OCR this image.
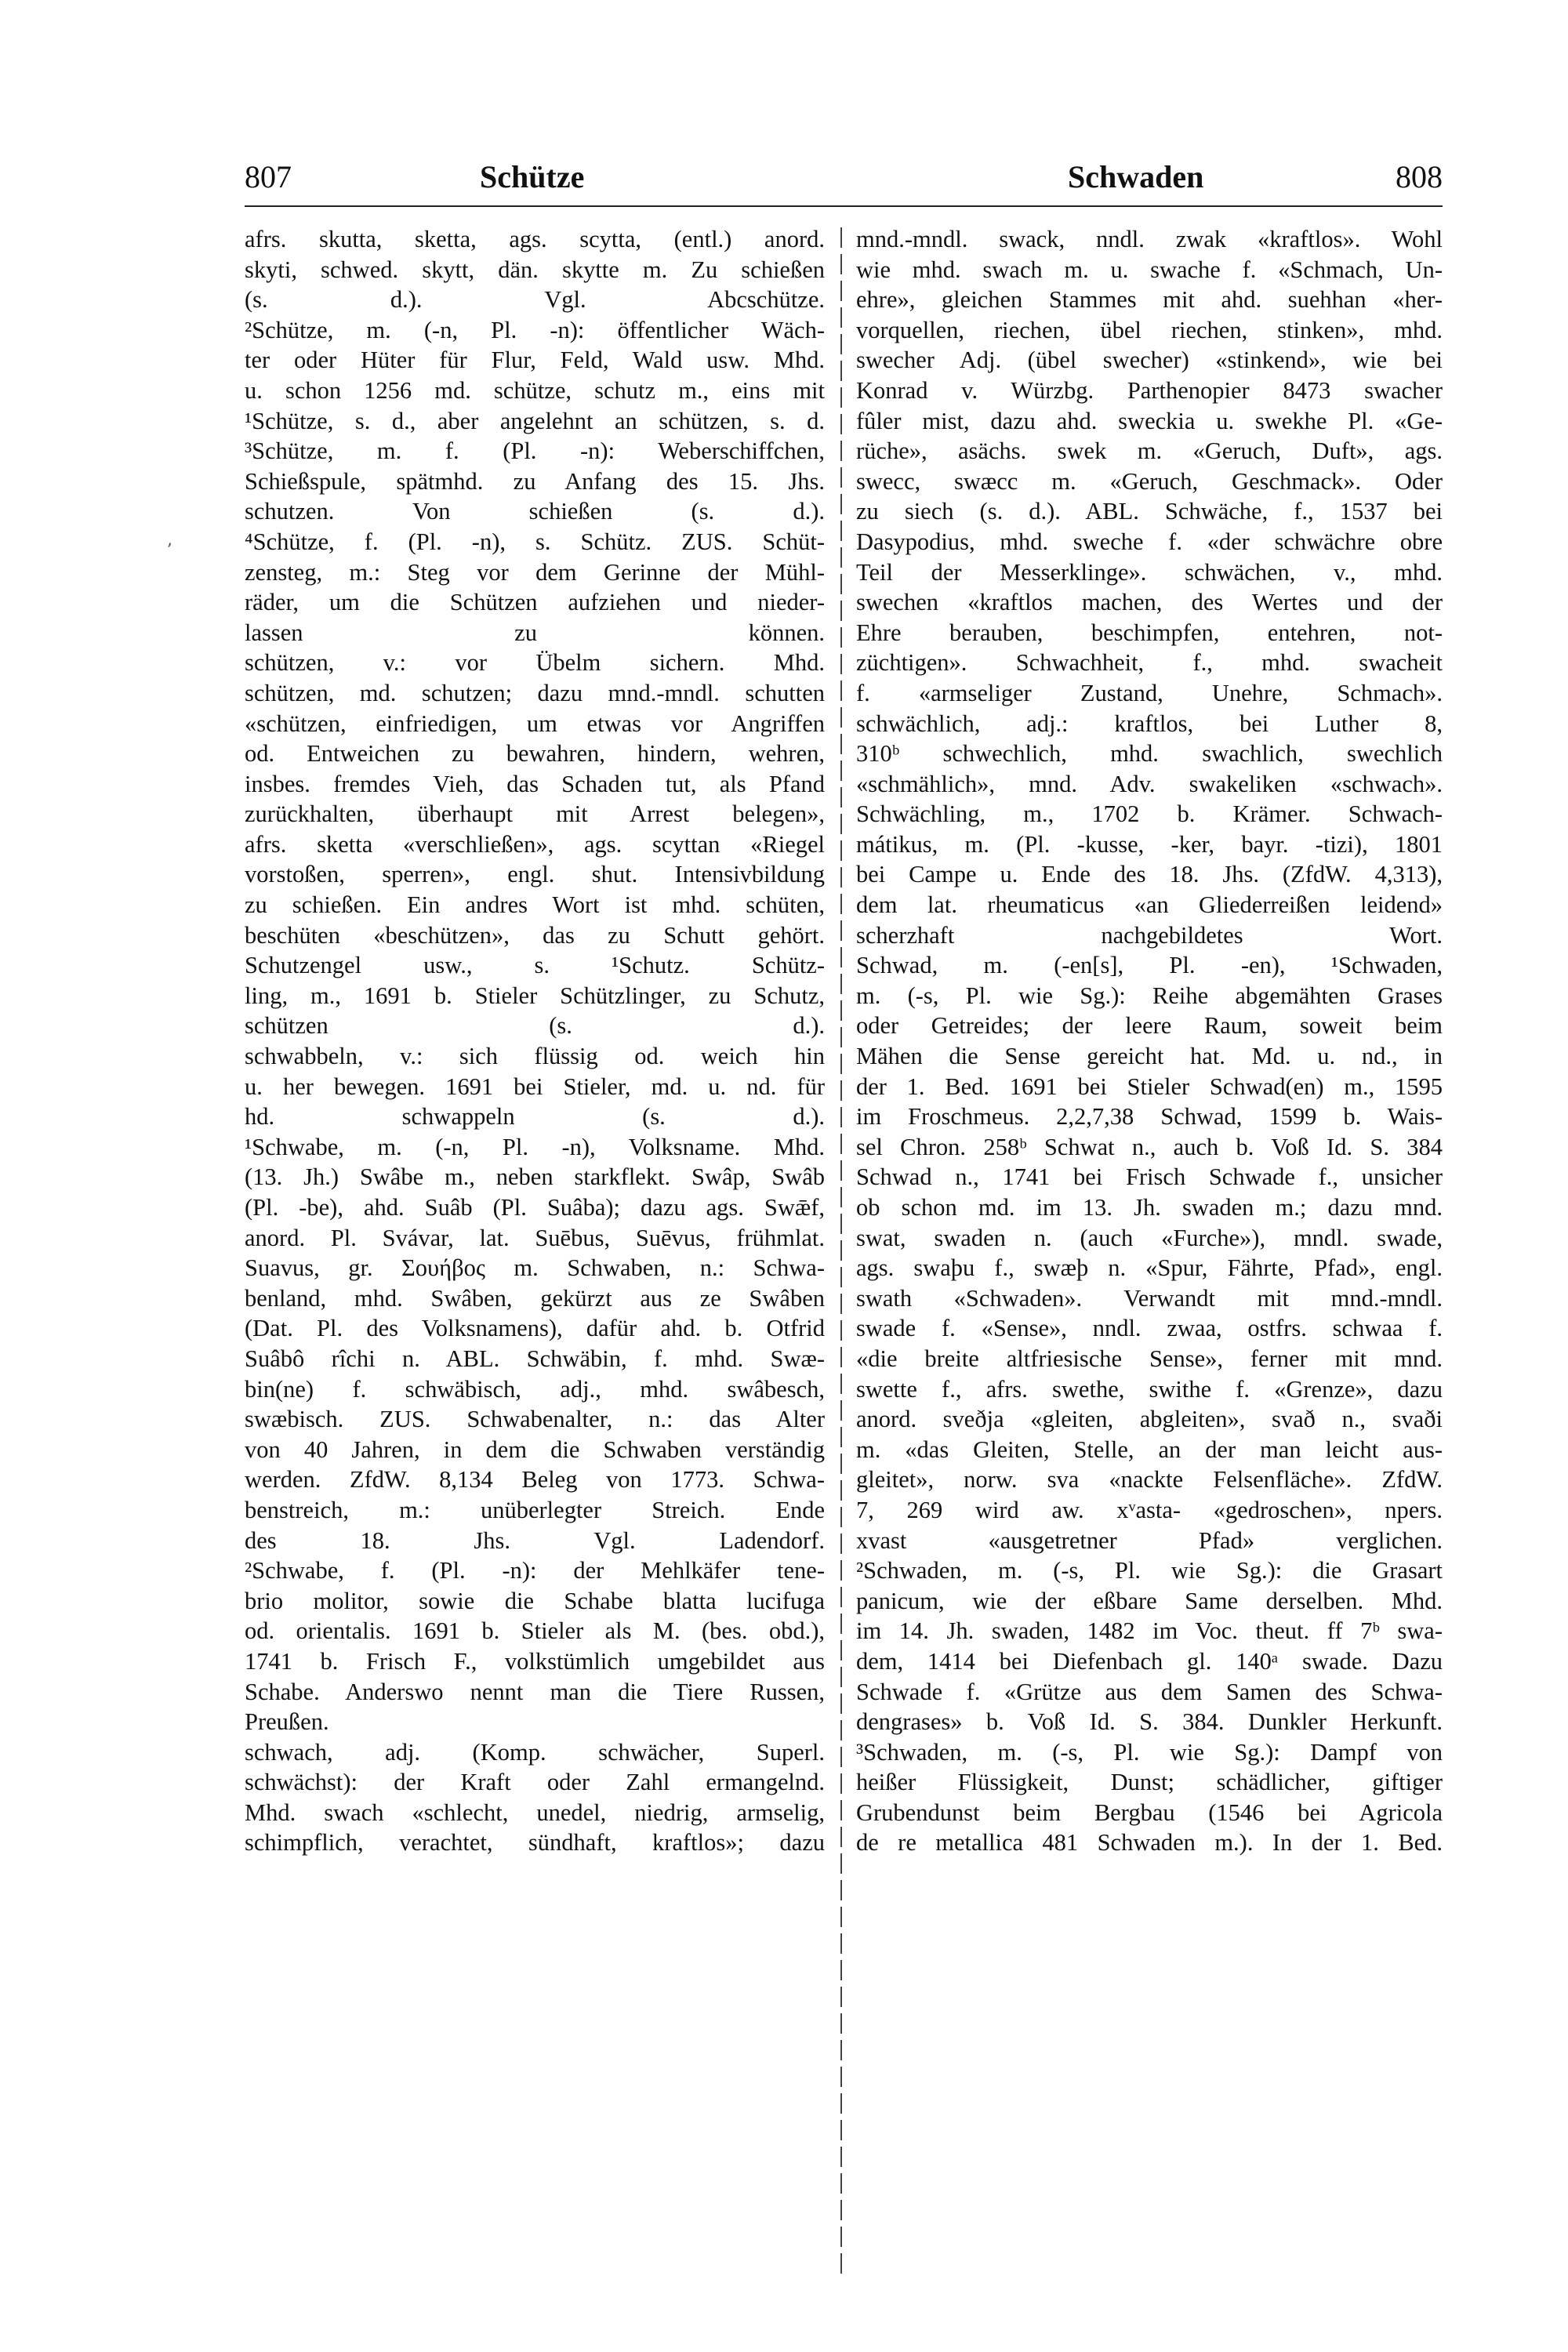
807	Schütze	Schwaden	808
ʼ
afrs. skutta, sketta, ags. scytta, (entl.) anord.
skyti, schwed. skytt, dän. skytte m. Zu schießen
(s. d.). Vgl. Abcschütze.
²Schütze, m. (-n, Pl. -n): öffentlicher Wäch-
ter oder Hüter für Flur, Feld, Wald usw. Mhd.
u. schon 1256 md. schütze, schutz m., eins mit
¹Schütze, s. d., aber angelehnt an schützen, s. d.
³Schütze, m. f. (Pl. -n): Weberschiffchen,
Schießspule, spätmhd. zu Anfang des 15. Jhs.
schutzen. Von schießen (s. d.).
⁴Schütze, f. (Pl. -n), s. Schütz. ZUS. Schüt-
zensteg, m.: Steg vor dem Gerinne der Mühl-
räder, um die Schützen aufziehen und nieder-
lassen zu können.
schützen, v.: vor Übelm sichern. Mhd.
schützen, md. schutzen; dazu mnd.-mndl. schutten
«schützen, einfriedigen, um etwas vor Angriffen
od. Entweichen zu bewahren, hindern, wehren,
insbes. fremdes Vieh, das Schaden tut, als Pfand
zurückhalten, überhaupt mit Arrest belegen»,
afrs. sketta «verschließen», ags. scyttan «Riegel
vorstoßen, sperren», engl. shut. Intensivbildung
zu schießen. Ein andres Wort ist mhd. schüten,
beschüten «beschützen», das zu Schutt gehört.
Schutzengel usw., s. ¹Schutz. Schütz-
ling, m., 1691 b. Stieler Schützlinger, zu Schutz,
schützen (s. d.).
schwabbeln, v.: sich flüssig od. weich hin
u. her bewegen. 1691 bei Stieler, md. u. nd. für
hd. schwappeln (s. d.).
¹Schwabe, m. (-n, Pl. -n), Volksname. Mhd.
(13. Jh.) Swâbe m., neben starkflekt. Swâp, Swâb
(Pl. -be), ahd. Suâb (Pl. Suâba); dazu ags. Swǣf,
anord. Pl. Svávar, lat. Suēbus, Suēvus, frühmlat.
Suavus, gr. Σουήβος m. Schwaben, n.: Schwa-
benland, mhd. Swâben, gekürzt aus ze Swâben
(Dat. Pl. des Volksnamens), dafür ahd. b. Otfrid
Suâbô rîchi n. ABL. Schwäbin, f. mhd. Swæ-
bin(ne) f. schwäbisch, adj., mhd. swâbesch,
swæbisch. ZUS. Schwabenalter, n.: das Alter
von 40 Jahren, in dem die Schwaben verständig
werden. ZfdW. 8,134 Beleg von 1773. Schwa-
benstreich, m.: unüberlegter Streich. Ende
des 18. Jhs. Vgl. Ladendorf.
²Schwabe, f. (Pl. -n): der Mehlkäfer tene-
brio molitor, sowie die Schabe blatta lucifuga
od. orientalis. 1691 b. Stieler als M. (bes. obd.),
1741 b. Frisch F., volkstümlich umgebildet aus
Schabe. Anderswo nennt man die Tiere Russen,
Preußen.
schwach, adj. (Komp. schwächer, Superl.
schwächst): der Kraft oder Zahl ermangelnd.
Mhd. swach «schlecht, unedel, niedrig, armselig,
schimpflich, verachtet, sündhaft, kraftlos»; dazu
mnd.-mndl. swack, nndl. zwak «kraftlos». Wohl
wie mhd. swach m. u. swache f. «Schmach, Un-
ehre», gleichen Stammes mit ahd. suehhan «her-
vorquellen, riechen, übel riechen, stinken», mhd.
swecher Adj. (übel swecher) «stinkend», wie bei
Konrad v. Würzbg. Parthenopier 8473 swacher
fûler mist, dazu ahd. sweckia u. swekhe Pl. «Ge-
rüche», asächs. swek m. «Geruch, Duft», ags.
swecc, swæcc m. «Geruch, Geschmack». Oder
zu siech (s. d.). ABL. Schwäche, f., 1537 bei
Dasypodius, mhd. sweche f. «der schwächre obre
Teil der Messerklinge». schwächen, v., mhd.
swechen «kraftlos machen, des Wertes und der
Ehre berauben, beschimpfen, entehren, not-
züchtigen». Schwachheit, f., mhd. swacheit
f. «armseliger Zustand, Unehre, Schmach».
schwächlich, adj.: kraftlos, bei Luther 8,
310ᵇ schwechlich, mhd. swachlich, swechlich
«schmählich», mnd. Adv. swakeliken «schwach».
Schwächling, m., 1702 b. Krämer. Schwach-
mátikus, m. (Pl. -kusse, -ker, bayr. -tizi), 1801
bei Campe u. Ende des 18. Jhs. (ZfdW. 4,313),
dem lat. rheumaticus «an Gliederreißen leidend»
scherzhaft nachgebildetes Wort.
Schwad, m. (-en[s], Pl. -en), ¹Schwaden,
m. (-s, Pl. wie Sg.): Reihe abgemähten Grases
oder Getreides; der leere Raum, soweit beim
Mähen die Sense gereicht hat. Md. u. nd., in
der 1. Bed. 1691 bei Stieler Schwad(en) m., 1595
im Froschmeus. 2,2,7,38 Schwad, 1599 b. Wais-
sel Chron. 258ᵇ Schwat n., auch b. Voß Id. S. 384
Schwad n., 1741 bei Frisch Schwade f., unsicher
ob schon md. im 13. Jh. swaden m.; dazu mnd.
swat, swaden n. (auch «Furche»), mndl. swade,
ags. swaþu f., swæþ n. «Spur, Fährte, Pfad», engl.
swath «Schwaden». Verwandt mit mnd.-mndl.
swade f. «Sense», nndl. zwaa, ostfrs. schwaa f.
«die breite altfriesische Sense», ferner mit mnd.
swette f., afrs. swethe, swithe f. «Grenze», dazu
anord. sveðja «gleiten, abgleiten», svað n., svaði
m. «das Gleiten, Stelle, an der man leicht aus-
gleitet», norw. sva «nackte Felsenfläche». ZfdW.
7, 269 wird aw. xᵛasta- «gedroschen», npers.
xvast «ausgetretner Pfad» verglichen.
²Schwaden, m. (-s, Pl. wie Sg.): die Grasart
panicum, wie der eßbare Same derselben. Mhd.
im 14. Jh. swaden, 1482 im Voc. theut. ff 7ᵇ swa-
dem, 1414 bei Diefenbach gl. 140ᵃ swade. Dazu
Schwade f. «Grütze aus dem Samen des Schwa-
dengrases» b. Voß Id. S. 384. Dunkler Herkunft.
³Schwaden, m. (-s, Pl. wie Sg.): Dampf von
heißer Flüssigkeit, Dunst; schädlicher, giftiger
Grubendunst beim Bergbau (1546 bei Agricola
de re metallica 481 Schwaden m.). In der 1. Bed.
